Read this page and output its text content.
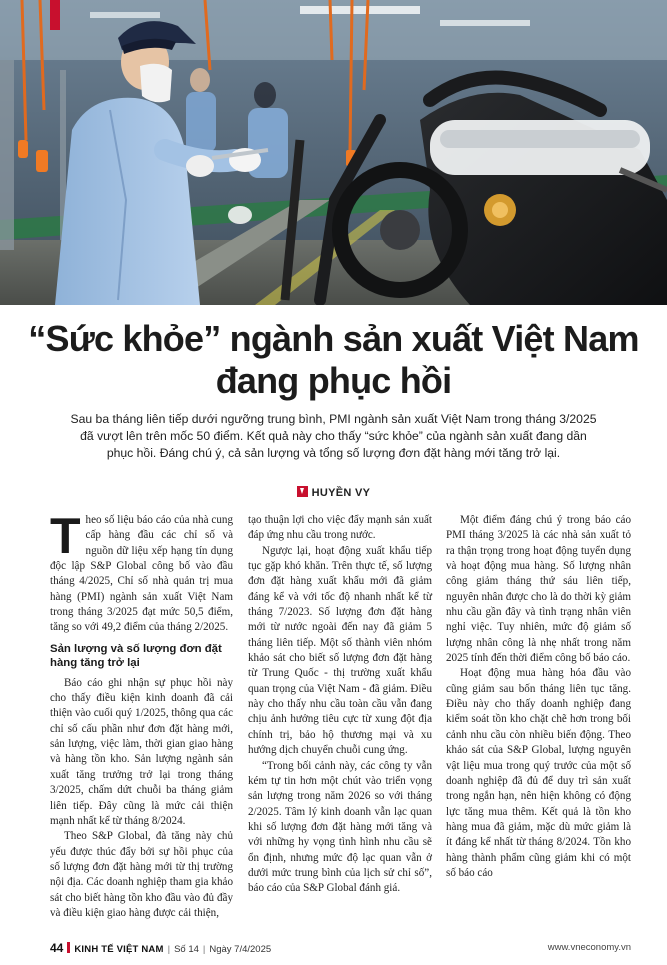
“Sức khỏe” ngành sản xuất Việt Nam
đang phục hồi

Sau ba tháng liên tiếp dưới ngưỡng trung bình, PMI ngành sản xuất Việt Nam trong tháng 3/2025 đã vượt lên trên mốc 50 điểm. Kết quả này cho thấy “sức khỏe” của ngành sản xuất đang dần phục hồi. Đáng chú ý, cả sản lượng và tổng số lượng đơn đặt hàng mới tăng trở lại.

HUYỀN VY

Theo số liệu báo cáo của nhà cung cấp hàng đầu các chỉ số và nguồn dữ liệu xếp hạng tín dụng độc lập S&P Global công bố vào đầu tháng 4/2025, Chỉ số nhà quản trị mua hàng (PMI) ngành sản xuất Việt Nam trong tháng 3/2025 đạt mức 50,5 điểm, tăng so với 49,2 điểm của tháng 2/2025.

Sản lượng và số lượng đơn đặt hàng tăng trở lại

Báo cáo ghi nhận sự phục hồi này cho thấy điều kiện kinh doanh đã cải thiện vào cuối quý 1/2025, thông qua các chỉ số cấu phần như đơn đặt hàng mới, sản lượng, việc làm, thời gian giao hàng và hàng tồn kho. Sản lượng ngành sản xuất tăng trưởng trở lại trong tháng 3/2025, chấm dứt chuỗi ba tháng giảm liên tiếp. Đây cũng là mức cải thiện mạnh nhất kể từ tháng 8/2024.

Theo S&P Global, đà tăng này chủ yếu được thúc đẩy bởi sự hồi phục của số lượng đơn đặt hàng mới từ thị trường nội địa. Các doanh nghiệp tham gia khảo sát cho biết hàng tồn kho đầu vào đủ đầy và điều kiện giao hàng được cải thiện,

tạo thuận lợi cho việc đẩy mạnh sản xuất đáp ứng nhu cầu trong nước.

Ngược lại, hoạt động xuất khẩu tiếp tục gặp khó khăn. Trên thực tế, số lượng đơn đặt hàng xuất khẩu mới đã giảm đáng kể và với tốc độ nhanh nhất kể từ tháng 7/2023. Số lượng đơn đặt hàng mới từ nước ngoài đến nay đã giảm 5 tháng liên tiếp. Một số thành viên nhóm khảo sát cho biết số lượng đơn đặt hàng từ Trung Quốc - thị trường xuất khẩu quan trọng của Việt Nam - đã giảm. Điều này cho thấy nhu cầu toàn cầu vẫn đang chịu ảnh hưởng tiêu cực từ xung đột địa chính trị, bảo hộ thương mại và xu hướng dịch chuyển chuỗi cung ứng.

“Trong bối cảnh này, các công ty vẫn kém tự tin hơn một chút vào triển vọng sản lượng trong năm 2026 so với tháng 2/2025. Tâm lý kinh doanh vẫn lạc quan khi số lượng đơn đặt hàng mới tăng và với những hy vọng tình hình nhu cầu sẽ ổn định, nhưng mức độ lạc quan vẫn ở dưới mức trung bình của lịch sử chỉ số”, báo cáo của S&P Global đánh giá.

Một điểm đáng chú ý trong báo cáo PMI tháng 3/2025 là các nhà sản xuất tỏ ra thận trọng trong hoạt động tuyển dụng và hoạt động mua hàng. Số lượng nhân công giảm tháng thứ sáu liên tiếp, nguyên nhân được cho là do thời kỳ giảm nhu cầu gần đây và tình trạng nhân viên nghỉ việc. Tuy nhiên, mức độ giảm số lượng nhân công là nhẹ nhất trong năm 2025 tính đến thời điểm công bố báo cáo.

Hoạt động mua hàng hóa đầu vào cũng giảm sau bốn tháng liên tục tăng. Điều này cho thấy doanh nghiệp đang kiểm soát tồn kho chặt chẽ hơn trong bối cảnh nhu cầu còn nhiều biến động. Theo khảo sát của S&P Global, lượng nguyên vật liệu mua trong quý trước của một số doanh nghiệp đã đủ để duy trì sản xuất trong ngắn hạn, nên hiện không có động lực tăng mua thêm. Kết quả là tồn kho hàng mua đã giảm, mặc dù mức giảm là ít đáng kể nhất từ tháng 8/2024. Tồn kho hàng thành phẩm cũng giảm khi có một số báo cáo

44 KINH TẾ VIỆT NAM | Số 14 | Ngày 7/4/2025	www.vneconomy.vn
